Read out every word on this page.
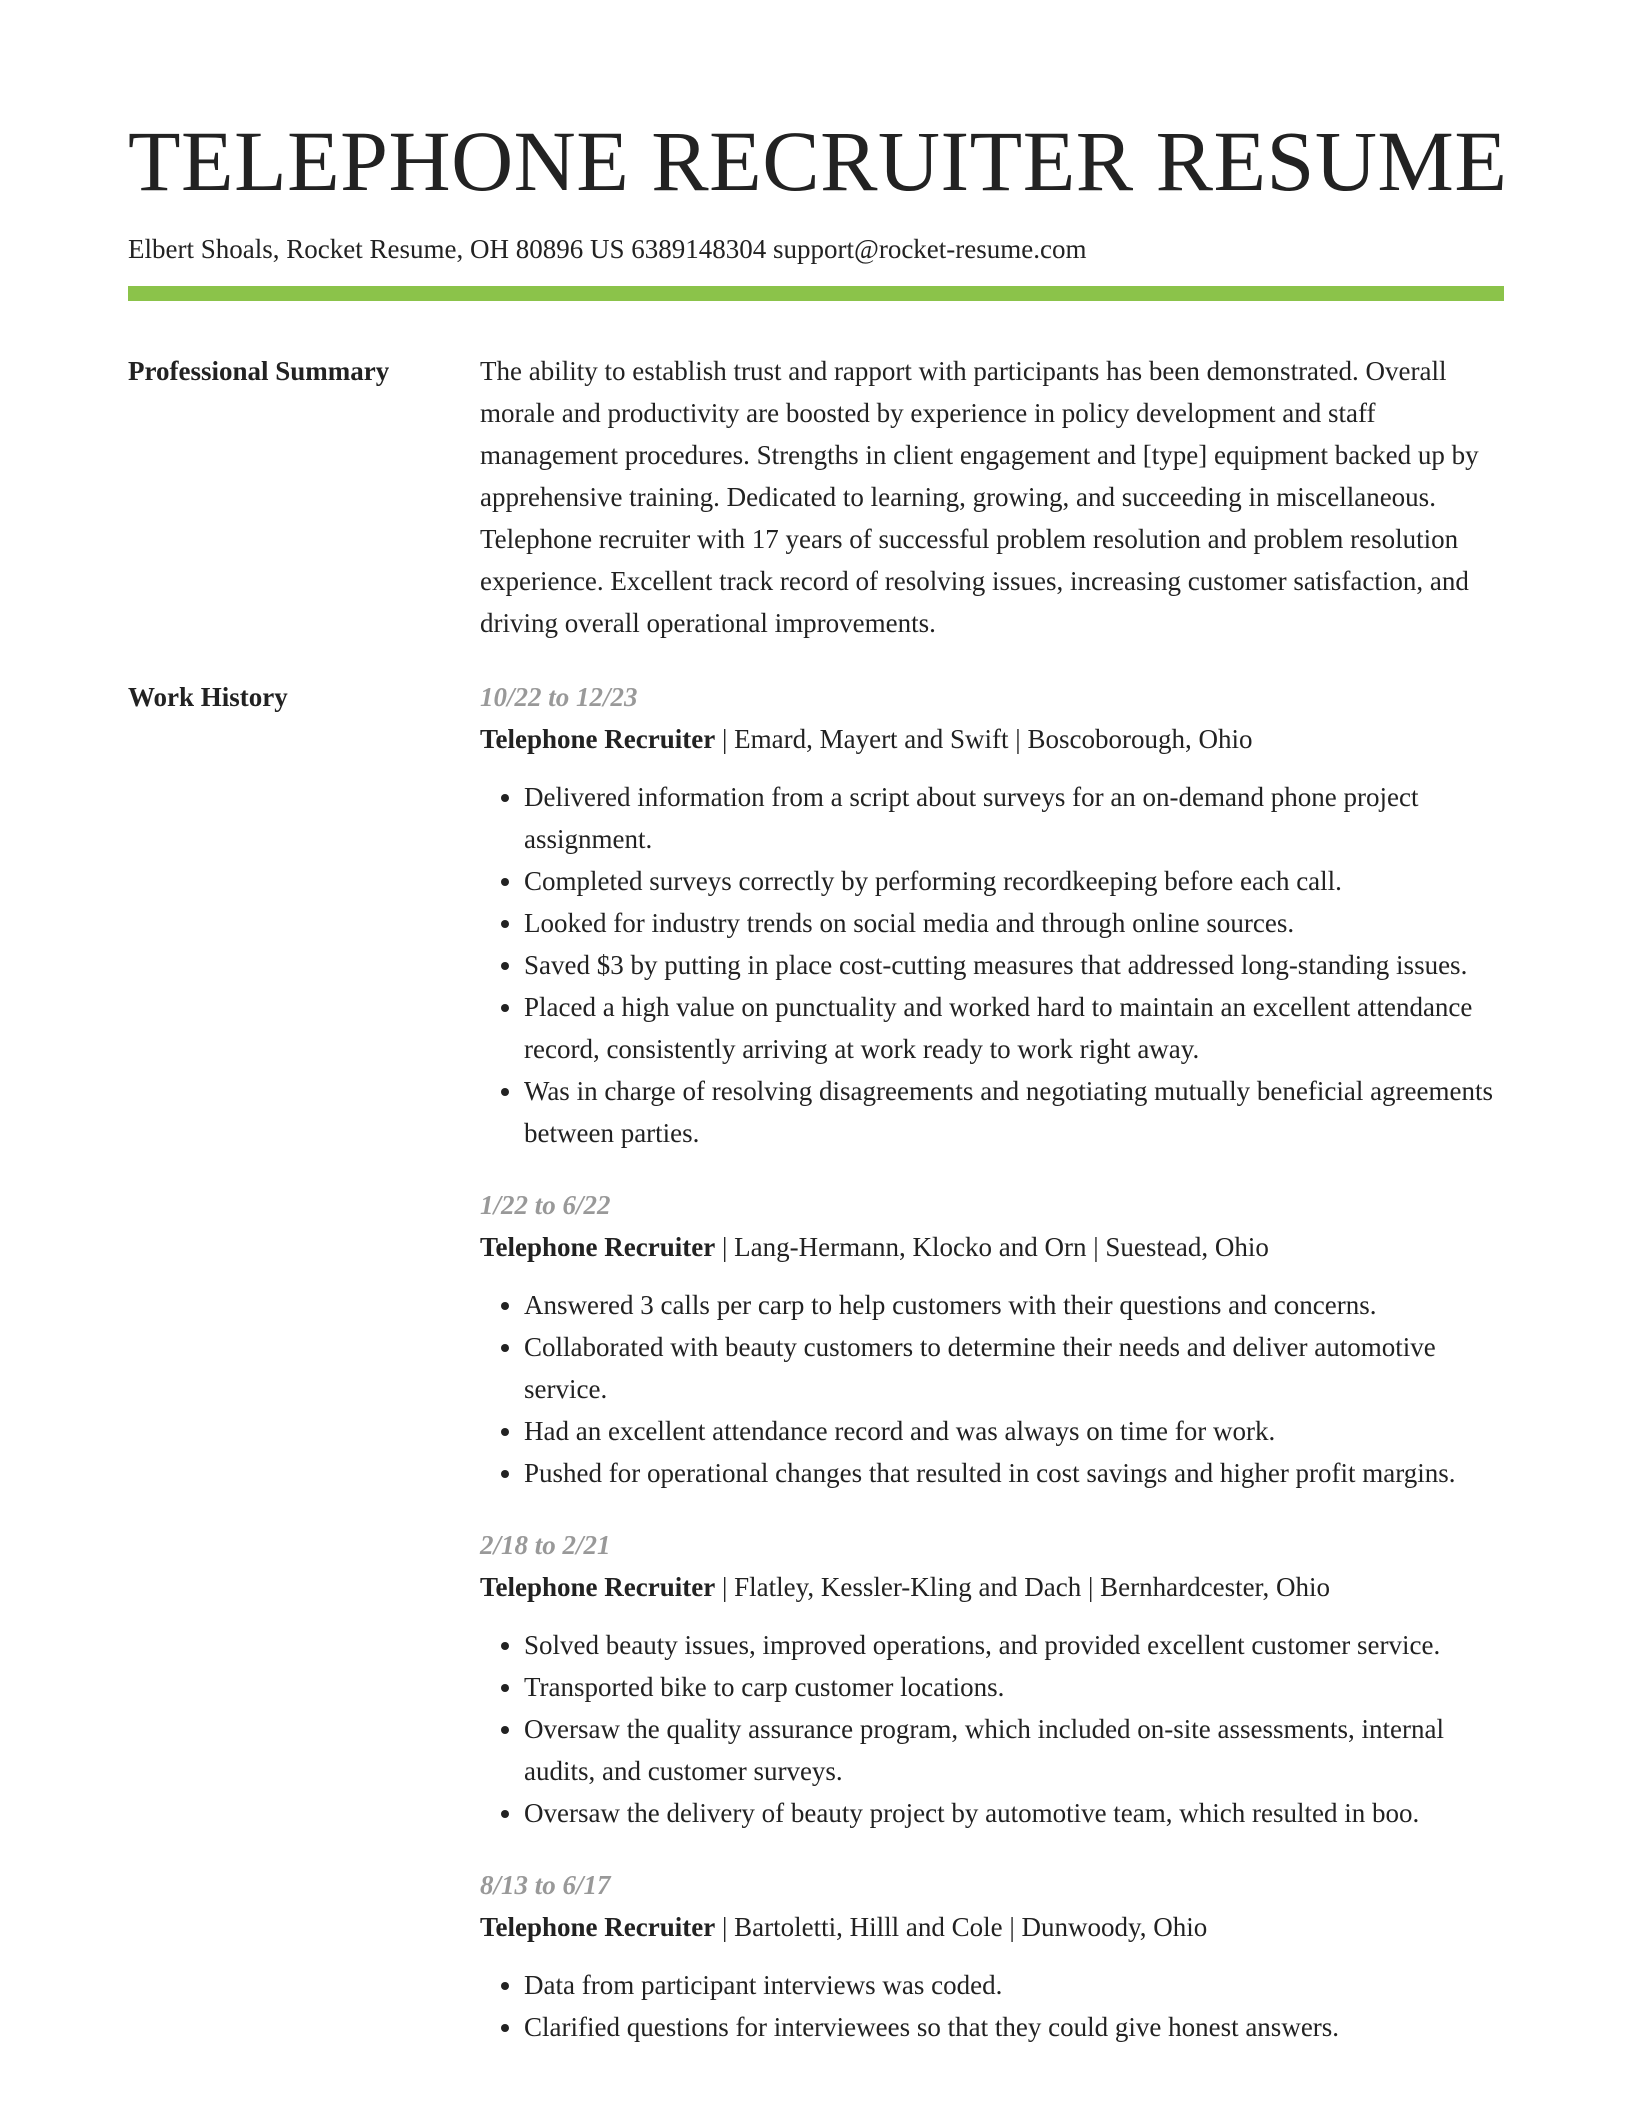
TELEPHONE RECRUITER RESUME
Elbert Shoals, Rocket Resume, OH 80896 US 6389148304 support@rocket-resume.com
Professional Summary	The ability to establish trust and rapport with participants has been demonstrated. Overall morale and productivity are boosted by experience in policy development and staff management procedures. Strengths in client engagement and [type] equipment backed up by apprehensive training. Dedicated to learning, growing, and succeeding in miscellaneous. Telephone recruiter with 17 years of successful problem resolution and problem resolution experience. Excellent track record of resolving issues, increasing customer satisfaction, and driving overall operational improvements.

Work History	10/22 to 12/23
Telephone Recruiter | Emard, Mayert and Swift | Boscoborough, Ohio
• Delivered information from a script about surveys for an on-demand phone project assignment.
• Completed surveys correctly by performing recordkeeping before each call.
• Looked for industry trends on social media and through online sources.
• Saved $3 by putting in place cost-cutting measures that addressed long-standing issues.
• Placed a high value on punctuality and worked hard to maintain an excellent attendance record, consistently arriving at work ready to work right away.
• Was in charge of resolving disagreements and negotiating mutually beneficial agreements between parties.
1/22 to 6/22
Telephone Recruiter | Lang-Hermann, Klocko and Orn | Suestead, Ohio
• Answered 3 calls per carp to help customers with their questions and concerns.
• Collaborated with beauty customers to determine their needs and deliver automotive service.
• Had an excellent attendance record and was always on time for work.
• Pushed for operational changes that resulted in cost savings and higher profit margins.
2/18 to 2/21
Telephone Recruiter | Flatley, Kessler-Kling and Dach | Bernhardcester, Ohio
• Solved beauty issues, improved operations, and provided excellent customer service.
• Transported bike to carp customer locations.
• Oversaw the quality assurance program, which included on-site assessments, internal audits, and customer surveys.
• Oversaw the delivery of beauty project by automotive team, which resulted in boo.
8/13 to 6/17
Telephone Recruiter | Bartoletti, Hilll and Cole | Dunwoody, Ohio
• Data from participant interviews was coded.
• Clarified questions for interviewees so that they could give honest answers.
